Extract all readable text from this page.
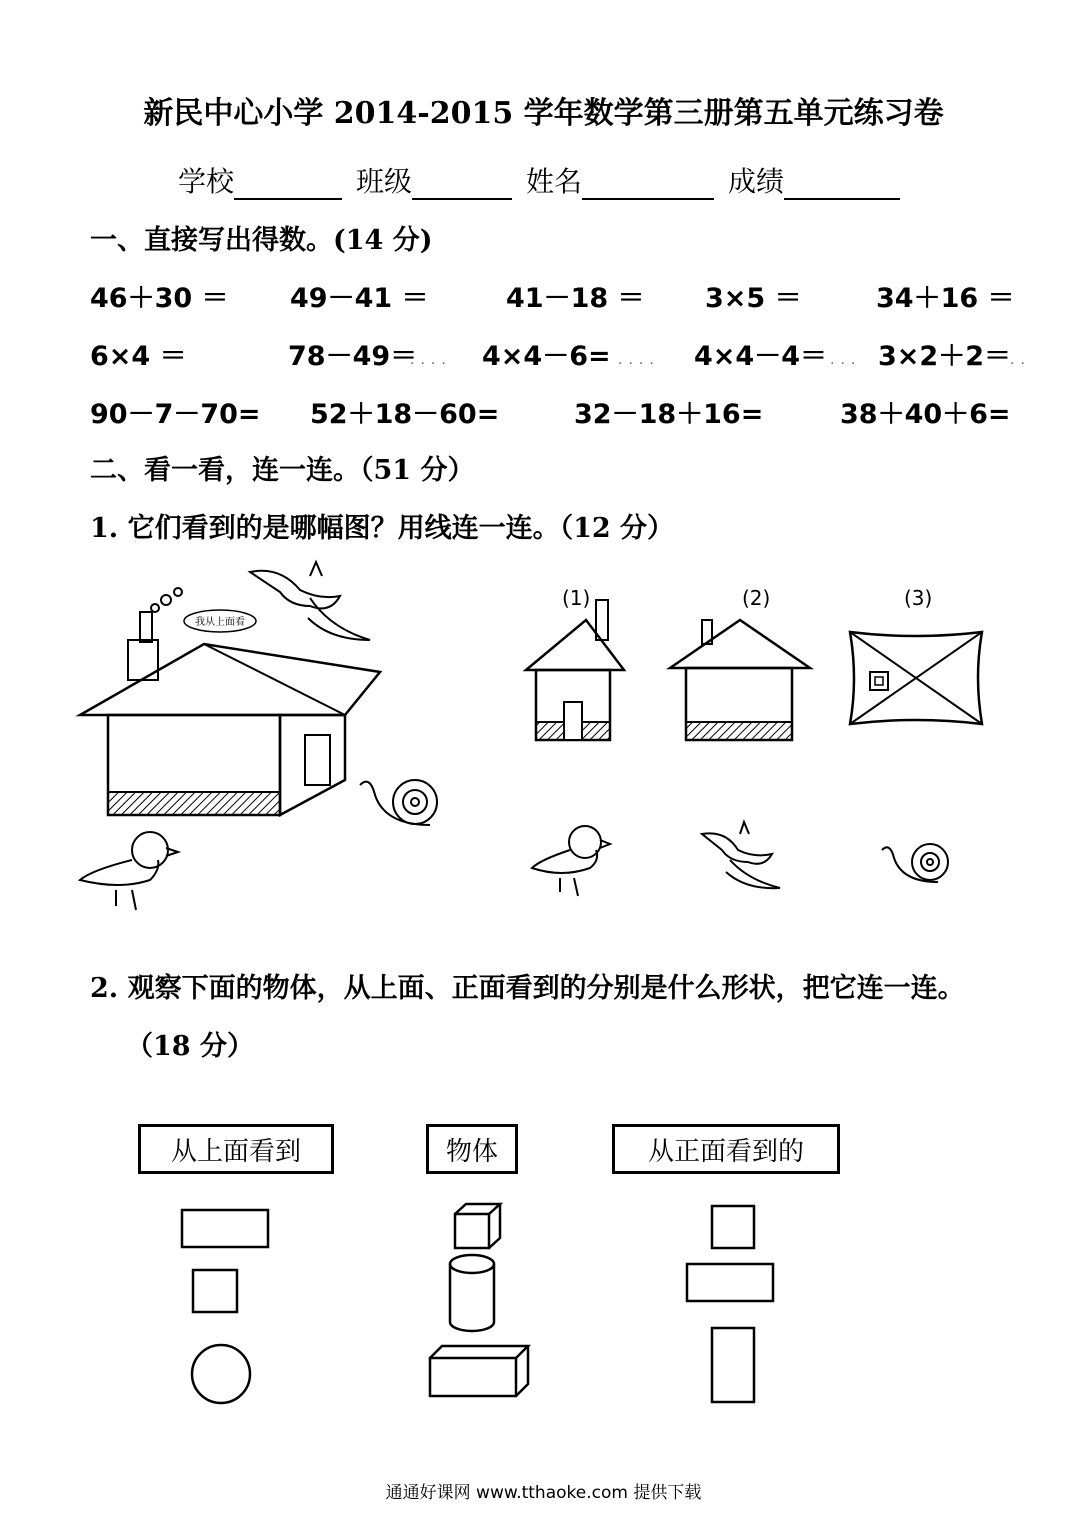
新民中心小学 2014-2015 学年数学第三册第五单元练习卷
学校	班级	姓名	成绩
一、直接写出得数。(14 分)
46＋30 ＝ 49－41 ＝	41－18 ＝ 3×5 ＝	34＋16 ＝
6×4 ＝	78－49＝ 4×4－6=	4×4－4＝ 3×2＋2＝
....	....	...	..
90－7－70= 52＋18－60=	32－18＋16=	38＋40＋6=
二、看一看，连一连。（51 分）
1. 它们看到的是哪幅图？用线连一连。（12 分）
我从上面看
(1)	(2)	(3)
2. 观察下面的物体，从上面、正面看到的分别是什么形状，把它连一连。
（18 分）
从上面看到	物体	从正面看到的
通通好课网 www.tthaoke.com 提供下载
